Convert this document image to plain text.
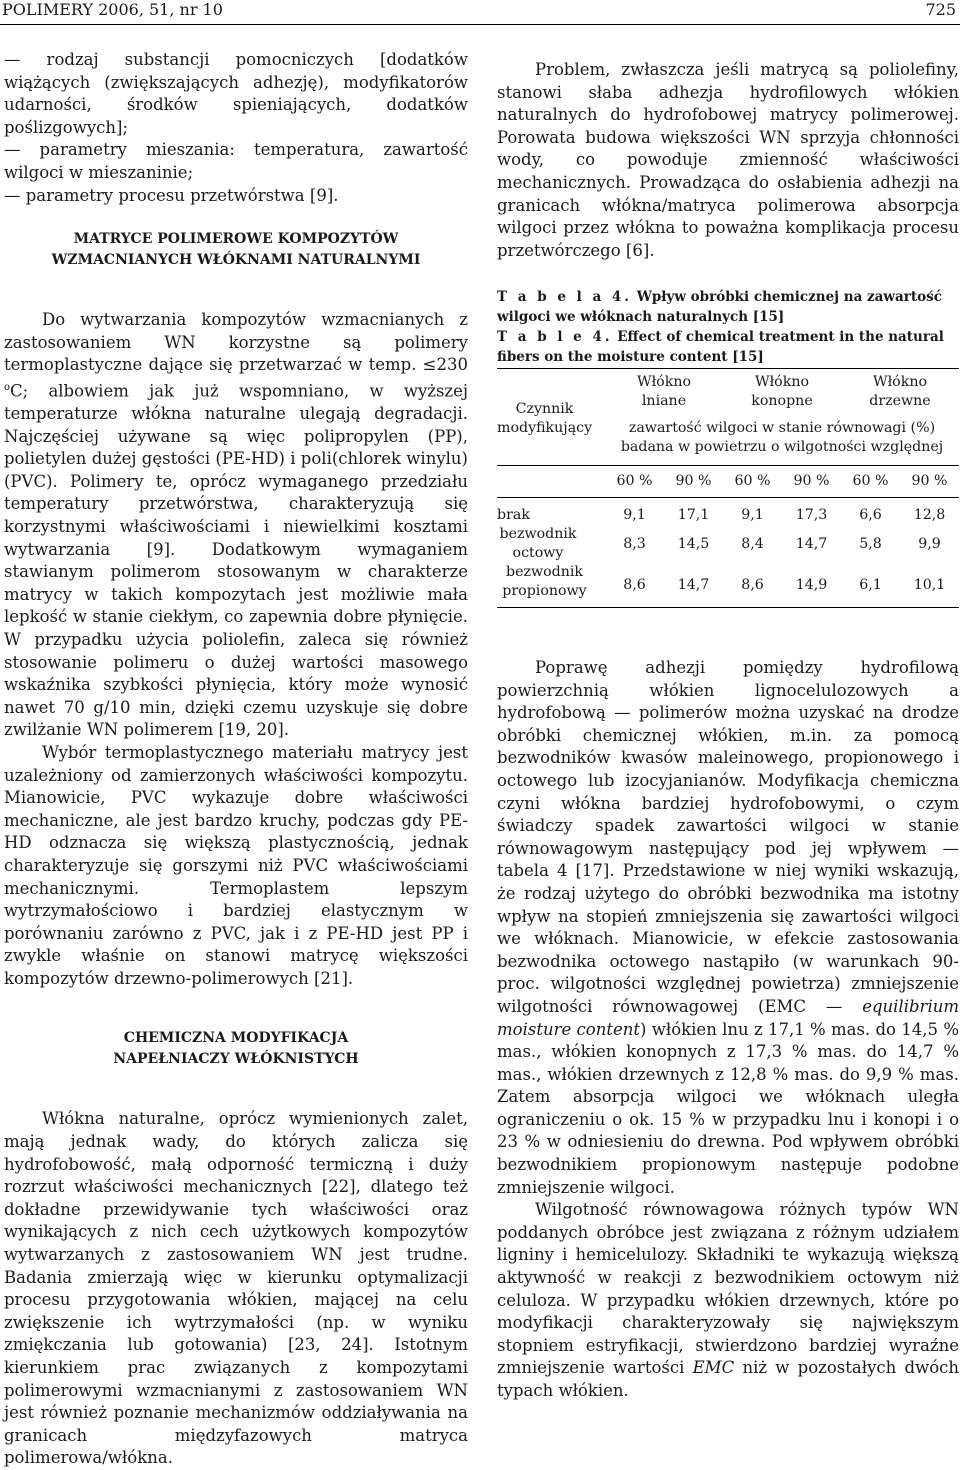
POLIMERY 2006, 51, nr 10	725

— rodzaj substancji pomocniczych [dodatków wiążących (zwiększających adhezję), modyfikatorów udarności, środków spieniających, dodatków poślizgowych];

— parametry mieszania: temperatura, zawartość wilgoci w mieszaninie;

— parametry procesu przetwórstwa [9].

MATRYCE POLIMEROWE KOMPOZYTÓW
WZMACNIANYCH WŁÓKNAMI NATURALNYMI

Do wytwarzania kompozytów wzmacnianych z zastosowaniem WN korzystne są polimery termoplastyczne dające się przetwarzać w temp. ≤230 $^o$C; albowiem jak już wspomniano, w wyższej temperaturze włókna naturalne ulegają degradacji. Najczęściej używane są więc polipropylen (PP), polietylen dużej gęstości (PE-HD) i poli(chlorek winylu) (PVC). Polimery te, oprócz wymaganego przedziału temperatury przetwórstwa, charakteryzują się korzystnymi właściwościami i niewielkimi kosztami wytwarzania [9]. Dodatkowym wymaganiem stawianym polimerom stosowanym w charakterze matrycy w takich kompozytach jest możliwie mała lepkość w stanie ciekłym, co zapewnia dobre płynięcie. W przypadku użycia poliolefin, zaleca się również stosowanie polimeru o dużej wartości masowego wskaźnika szybkości płynięcia, który może wynosić nawet 70 g/10 min, dzięki czemu uzyskuje się dobre zwilżanie WN polimerem [19, 20].

Wybór termoplastycznego materiału matrycy jest uzależniony od zamierzonych właściwości kompozytu. Mianowicie, PVC wykazuje dobre właściwości mechaniczne, ale jest bardzo kruchy, podczas gdy PE-HD odznacza się większą plastycznością, jednak charakteryzuje się gorszymi niż PVC właściwościami mechanicznymi. Termoplastem lepszym wytrzymałościowo i bardziej elastycznym w porównaniu zarówno z PVC, jak i z PE-HD jest PP i zwykle właśnie on stanowi matrycę większości kompozytów drzewno-polimerowych [21].

CHEMICZNA MODYFIKACJA
NAPEŁNIACZY WŁÓKNISTYCH

Włókna naturalne, oprócz wymienionych zalet, mają jednak wady, do których zalicza się hydrofobowość, małą odporność termiczną i duży rozrzut właściwości mechanicznych [22], dlatego też dokładne przewidywanie tych właściwości oraz wynikających z nich cech użytkowych kompozytów wytwarzanych z zastosowaniem WN jest trudne. Badania zmierzają więc w kierunku optymalizacji procesu przygotowania włókien, mającej na celu zwiększenie ich wytrzymałości (np. w wyniku zmiękczania lub gotowania) [23, 24]. Istotnym kierunkiem prac związanych z kompozytami polimerowymi wzmacnianymi z zastosowaniem WN jest również poznanie mechanizmów oddziaływania na granicach międzyfazowych matryca polimerowa/włókna.

Problem, zwłaszcza jeśli matrycą są poliolefiny, stanowi słaba adhezja hydrofilowych włókien naturalnych do hydrofobowej matrycy polimerowej. Porowata budowa większości WN sprzyja chłonności wody, co powoduje zmienność właściwości mechanicznych. Prowadząca do osłabienia adhezji na granicach włókna/matryca polimerowa absorpcja wilgoci przez włókna to poważna komplikacja procesu przetwórczego [6].

T a b e l a 4. Wpływ obróbki chemicznej na zawartość wilgoci we włóknach naturalnych [15]
T a b l e 4. Effect of chemical treatment in the natural fibers on the moisture content [15]
Czynnik modyfikujący	Włókno lniane		Włókno konopne		Włókno drzewne	
	zawartość wilgoci w stanie równowagi (%)
badana w powietrzu o wilgotności względnej					
	60 %	90 %	60 %	90 %	60 %	90 %
brak	9,1	17,1	9,1	17,3	6,6	12,8

bezwodnik octowy	8,3	14,5	8,4	14,7	5,8	9,9

bezwodnik propionowy	8,6	14,7	8,6	14,9	6,1	10,1

Poprawę adhezji pomiędzy hydrofilową powierzchnią włókien lignocelulozowych a hydrofobową — polimerów można uzyskać na drodze obróbki chemicznej włókien, m.in. za pomocą bezwodników kwasów maleinowego, propionowego i octowego lub izocyjanianów. Modyfikacja chemiczna czyni włókna bardziej hydrofobowymi, o czym świadczy spadek zawartości wilgoci w stanie równowagowym następujący pod jej wpływem — tabela 4 [17]. Przedstawione w niej wyniki wskazują, że rodzaj użytego do obróbki bezwodnika ma istotny wpływ na stopień zmniejszenia się zawartości wilgoci we włóknach. Mianowicie, w efekcie zastosowania bezwodnika octowego nastąpiło (w warunkach 90-proc. wilgotności względnej powietrza) zmniejszenie wilgotności równowagowej (EMC — equilibrium moisture content) włókien lnu z 17,1 % mas. do 14,5 % mas., włókien konopnych z 17,3 % mas. do 14,7 % mas., włókien drzewnych z 12,8 % mas. do 9,9 % mas. Zatem absorpcja wilgoci we włóknach uległa ograniczeniu o ok. 15 % w przypadku lnu i konopi i o 23 % w odniesieniu do drewna. Pod wpływem obróbki bezwodnikiem propionowym następuje podobne zmniejszenie wilgoci.

Wilgotność równowagowa różnych typów WN poddanych obróbce jest związana z różnym udziałem ligniny i hemicelulozy. Składniki te wykazują większą aktywność w reakcji z bezwodnikiem octowym niż celuloza. W przypadku włókien drzewnych, które po modyfikacji charakteryzowały się największym stopniem estryfikacji, stwierdzono bardziej wyraźne zmniejszenie wartości EMC niż w pozostałych dwóch typach włókien.
